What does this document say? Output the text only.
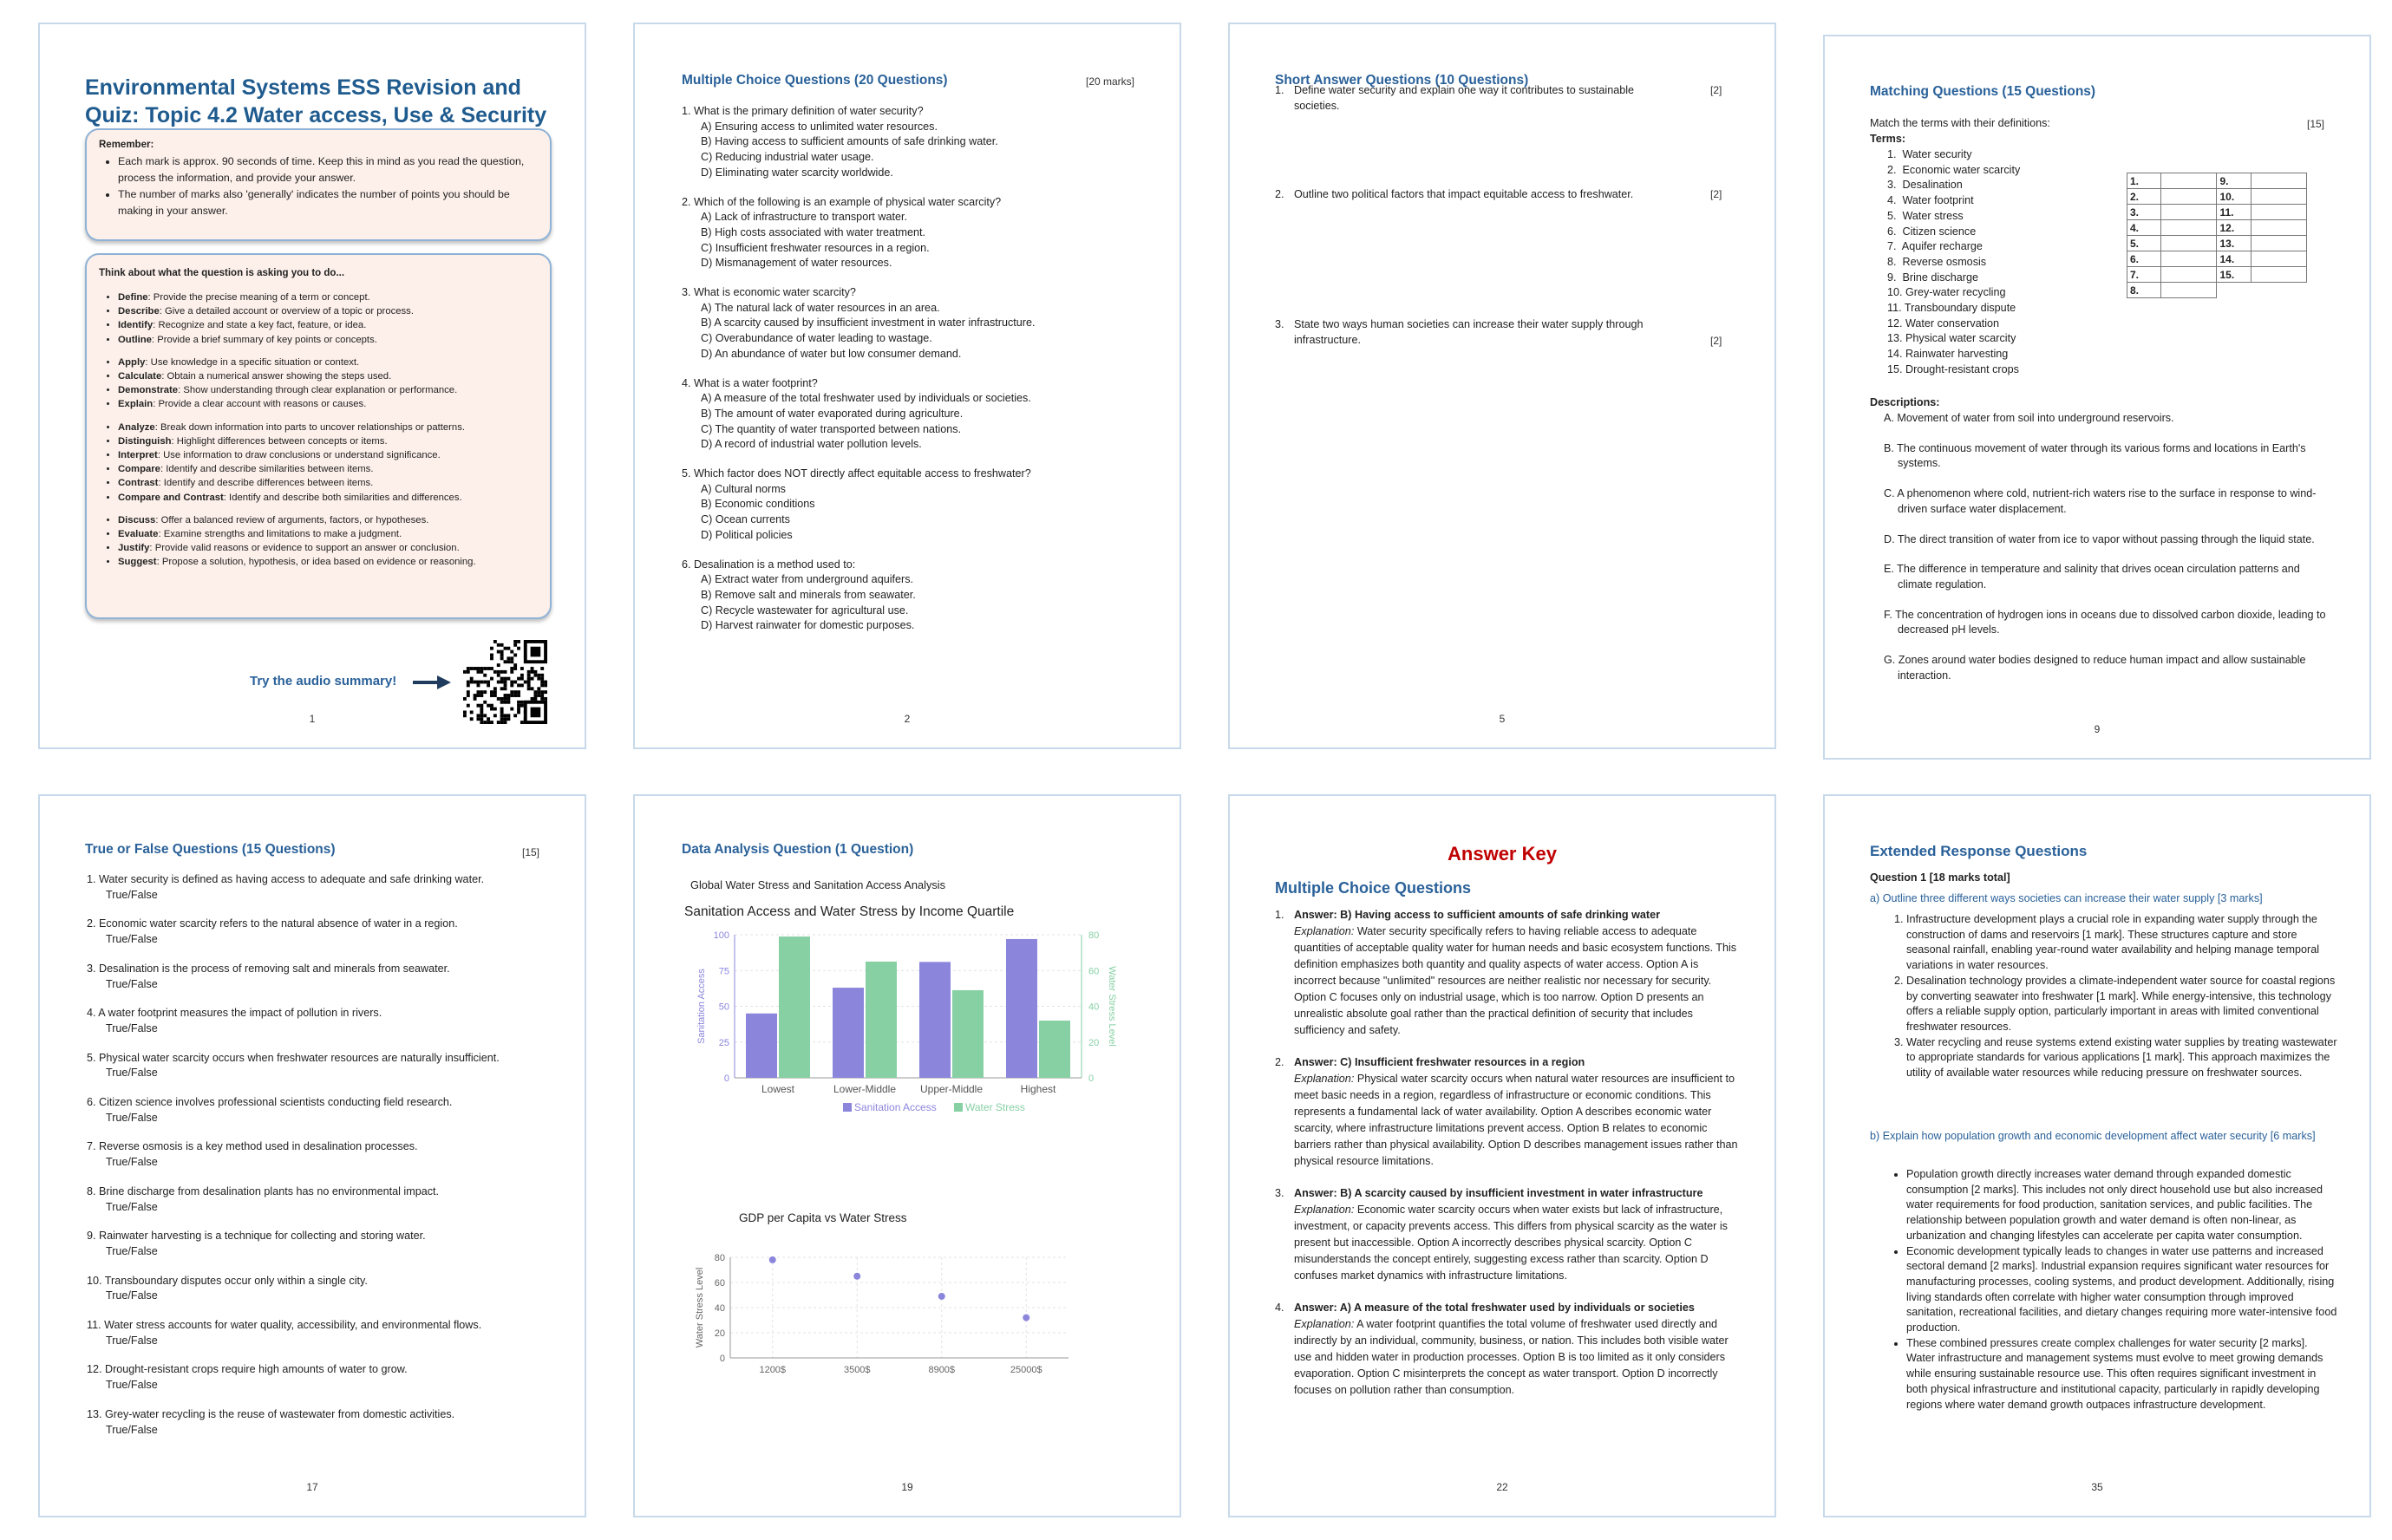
Environmental Systems ESS Revision and Quiz: Topic 4.2 Water access, Use & Security
Remember:
• Each mark is approx. 90 seconds of time. Keep this in mind as you read the question, process the information, and provide your answer.
• The number of marks also 'generally' indicates the number of points you should be making in your answer.
Think about what the question is asking you to do...
• Define: Provide the precise meaning of a term or concept.
• Describe: Give a detailed account or overview of a topic or process.
• Identify: Recognize and state a key fact, feature, or idea.
• Outline: Provide a brief summary of key points or concepts.
• Apply: Use knowledge in a specific situation or context.
• Calculate: Obtain a numerical answer showing the steps used.
• Demonstrate: Show understanding through clear explanation or performance.
• Explain: Provide a clear account with reasons or causes.
• Analyze: Break down information into parts to uncover relationships or patterns.
• Distinguish: Highlight differences between concepts or items.
• Interpret: Use information to draw conclusions or understand significance.
• Compare: Identify and describe similarities between items.
• Contrast: Identify and describe differences between items.
• Compare and Contrast: Identify and describe both similarities and differences.
• Discuss: Offer a balanced review of arguments, factors, or hypotheses.
• Evaluate: Examine strengths and limitations to make a judgment.
• Justify: Provide valid reasons or evidence to support an answer or conclusion.
• Suggest: Propose a solution, hypothesis, or idea based on evidence or reasoning.
Try the audio summary!
1
Multiple Choice Questions (20 Questions)	[20 marks]
1. What is the primary definition of water security?
A) Ensuring access to unlimited water resources.
B) Having access to sufficient amounts of safe drinking water.
C) Reducing industrial water usage.
D) Eliminating water scarcity worldwide.
2. Which of the following is an example of physical water scarcity?
A) Lack of infrastructure to transport water.
B) High costs associated with water treatment.
C) Insufficient freshwater resources in a region.
D) Mismanagement of water resources.
3. What is economic water scarcity?
A) The natural lack of water resources in an area.
B) A scarcity caused by insufficient investment in water infrastructure.
C) Overabundance of water leading to wastage.
D) An abundance of water but low consumer demand.
4. What is a water footprint?
A) A measure of the total freshwater used by individuals or societies.
B) The amount of water evaporated during agriculture.
C) The quantity of water transported between nations.
D) A record of industrial water pollution levels.
5. Which factor does NOT directly affect equitable access to freshwater?
A) Cultural norms
B) Economic conditions
C) Ocean currents
D) Political policies
6. Desalination is a method used to:
A) Extract water from underground aquifers.
B) Remove salt and minerals from seawater.
C) Recycle wastewater for agricultural use.
D) Harvest rainwater for domestic purposes.
2
Short Answer Questions (10 Questions)
1. Define water security and explain one way it contributes to sustainable societies.
[2]
2. Outline two political factors that impact equitable access to freshwater.	[2]
3. State two ways human societies can increase their water supply through infrastructure.	[2]
5
Matching Questions (15 Questions)
Match the terms with their definitions:	[15]
Terms:
1.  Water security
2.  Economic water scarcity
3.  Desalination
4.  Water footprint
5.  Water stress
6.  Citizen science
7.  Aquifer recharge
8.  Reverse osmosis
9.  Brine discharge
10. Grey-water recycling
11. Transboundary dispute
12. Water conservation
13. Physical water scarcity
14. Rainwater harvesting
15. Drought-resistant crops
1.		9.	
2.		10.	
3.		11.	
4.		12.	
5.		13.	
6.		14.	
7.		15.	
8.			
Descriptions:
A. Movement of water from soil into underground reservoirs.
B. The continuous movement of water through its various forms and locations in Earth's systems.
C. A phenomenon where cold, nutrient-rich waters rise to the surface in response to wind-driven surface water displacement.
D. The direct transition of water from ice to vapor without passing through the liquid state.
E. The difference in temperature and salinity that drives ocean circulation patterns and climate regulation.
F. The concentration of hydrogen ions in oceans due to dissolved carbon dioxide, leading to decreased pH levels.
G. Zones around water bodies designed to reduce human impact and allow sustainable interaction.
9
True or False Questions (15 Questions)	[15]
1. Water security is defined as having access to adequate and safe drinking water.
True/False
2. Economic water scarcity refers to the natural absence of water in a region.
True/False
3. Desalination is the process of removing salt and minerals from seawater.
True/False
4. A water footprint measures the impact of pollution in rivers.
True/False
5. Physical water scarcity occurs when freshwater resources are naturally insufficient.
True/False
6. Citizen science involves professional scientists conducting field research.
True/False
7. Reverse osmosis is a key method used in desalination processes.
True/False
8. Brine discharge from desalination plants has no environmental impact.
True/False
9. Rainwater harvesting is a technique for collecting and storing water.
True/False
10. Transboundary disputes occur only within a single city.
True/False
11. Water stress accounts for water quality, accessibility, and environmental flows.
True/False
12. Drought-resistant crops require high amounts of water to grow.
True/False
13. Grey-water recycling is the reuse of wastewater from domestic activities.
True/False
17
Data Analysis Question (1 Question)
Global Water Stress and Sanitation Access Analysis
Sanitation Access and Water Stress by Income Quartile
0
25
50
75
100
0
20
40
60
80
Sanitation Access	Water Stress Level
Lowest	Lower-Middle Upper-Middle	Highest
Sanitation Access	Water Stress
GDP per Capita vs Water Stress
0
20
40
60
80
1200$	3500$	8900$	25000$
Water Stress Level
19
Answer Key
Multiple Choice Questions
1. Answer: B) Having access to sufficient amounts of safe drinking water
Explanation: Water security specifically refers to having reliable access to adequate quantities of acceptable quality water for human needs and basic ecosystem functions. This definition emphasizes both quantity and quality aspects of water access. Option A is incorrect because "unlimited" resources are neither realistic nor necessary for security. Option C focuses only on industrial usage, which is too narrow. Option D presents an unrealistic absolute goal rather than the practical definition of security that includes sufficiency and safety.
2. Answer: C) Insufficient freshwater resources in a region
Explanation: Physical water scarcity occurs when natural water resources are insufficient to meet basic needs in a region, regardless of infrastructure or economic conditions. This represents a fundamental lack of water availability. Option A describes economic water scarcity, where infrastructure limitations prevent access. Option B relates to economic barriers rather than physical availability. Option D describes management issues rather than physical resource limitations.
3. Answer: B) A scarcity caused by insufficient investment in water infrastructure
Explanation: Economic water scarcity occurs when water exists but lack of infrastructure, investment, or capacity prevents access. This differs from physical scarcity as the water is present but inaccessible. Option A incorrectly describes physical scarcity. Option C misunderstands the concept entirely, suggesting excess rather than scarcity. Option D confuses market dynamics with infrastructure limitations.
4. Answer: A) A measure of the total freshwater used by individuals or societies
Explanation: A water footprint quantifies the total volume of freshwater used directly and indirectly by an individual, community, business, or nation. This includes both visible water use and hidden water in production processes. Option B is too limited as it only considers evaporation. Option C misinterprets the concept as water transport. Option D incorrectly focuses on pollution rather than consumption.
22
Extended Response Questions
Question 1 [18 marks total]
a) Outline three different ways societies can increase their water supply [3 marks]
1. Infrastructure development plays a crucial role in expanding water supply through the construction of dams and reservoirs [1 mark]. These structures capture and store seasonal rainfall, enabling year-round water availability and helping manage temporal variations in water resources.
2. Desalination technology provides a climate-independent water source for coastal regions by converting seawater into freshwater [1 mark]. While energy-intensive, this technology offers a reliable supply option, particularly important in areas with limited conventional freshwater resources.
3. Water recycling and reuse systems extend existing water supplies by treating wastewater to appropriate standards for various applications [1 mark]. This approach maximizes the utility of available water resources while reducing pressure on freshwater sources.
b) Explain how population growth and economic development affect water security [6 marks]
• Population growth directly increases water demand through expanded domestic consumption [2 marks]. This includes not only direct household use but also increased water requirements for food production, sanitation services, and public facilities. The relationship between population growth and water demand is often non-linear, as urbanization and changing lifestyles can accelerate per capita water consumption.
• Economic development typically leads to changes in water use patterns and increased sectoral demand [2 marks]. Industrial expansion requires significant water resources for manufacturing processes, cooling systems, and product development. Additionally, rising living standards often correlate with higher water consumption through improved sanitation, recreational facilities, and dietary changes requiring more water-intensive food production.
• These combined pressures create complex challenges for water security [2 marks]. Water infrastructure and management systems must evolve to meet growing demands while ensuring sustainable resource use. This often requires significant investment in both physical infrastructure and institutional capacity, particularly in rapidly developing regions where water demand growth outpaces infrastructure development.
35
